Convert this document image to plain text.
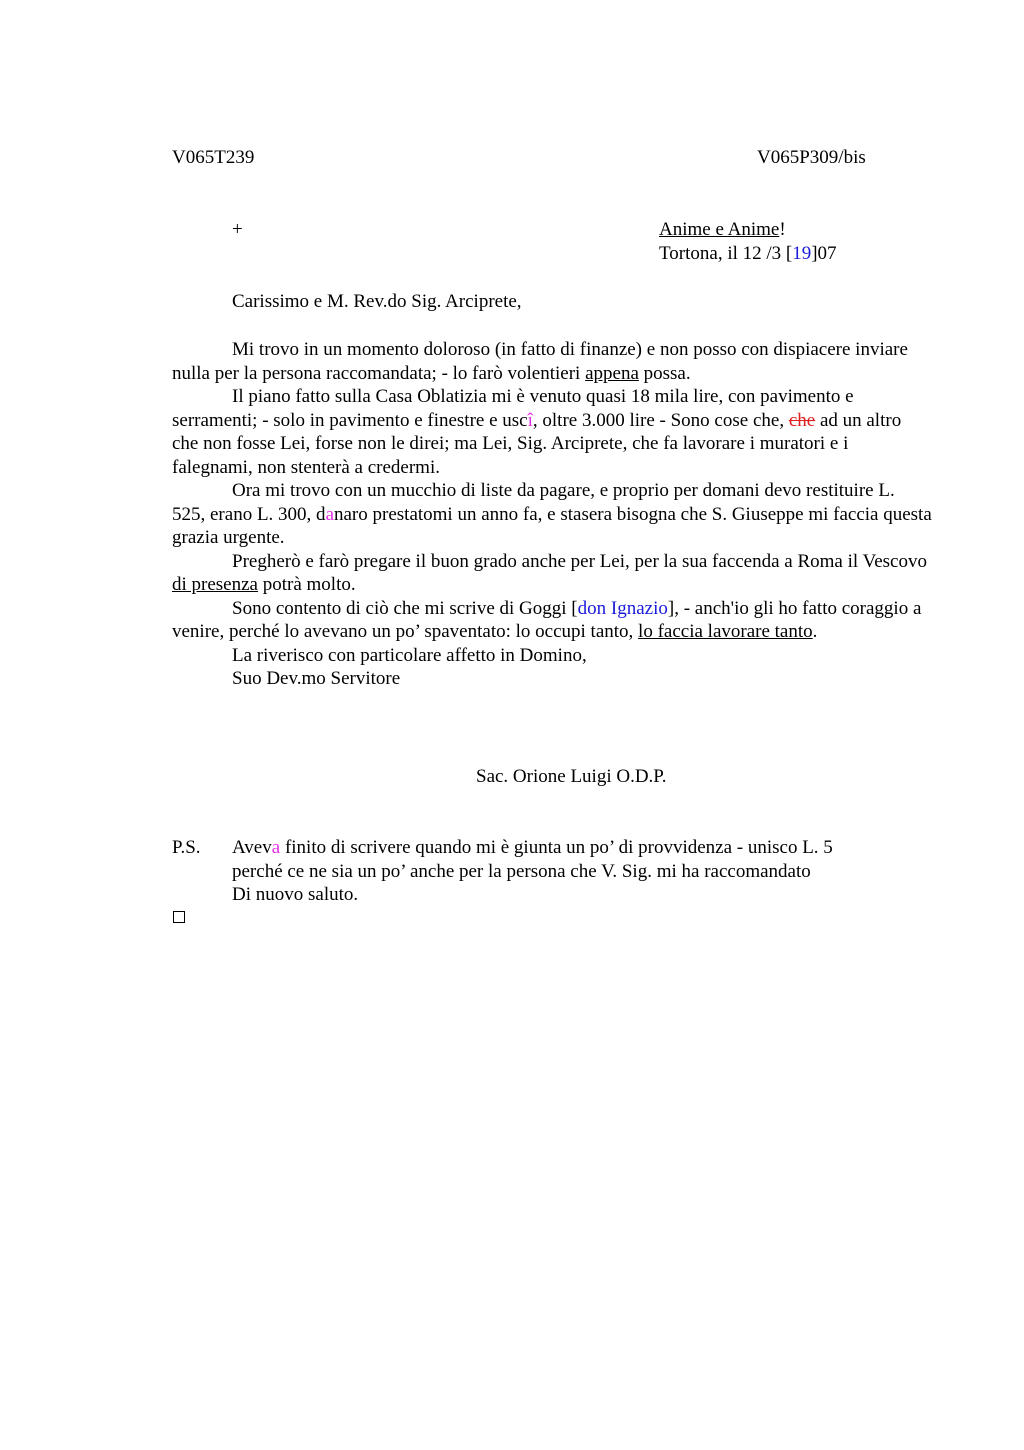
V065T239	V065P309/bis
+	Anime e Anime!
Tortona, il 12 /3 [19]07
Carissimo e M. Rev.do Sig. Arciprete,

Mi trovo in un momento doloroso (in fatto di finanze) e non posso con dispiacere inviare nulla per la persona raccomandata; - lo farò volentieri appena possa.

Il piano fatto sulla Casa Oblatizia mi è venuto quasi 18 mila lire, con pavimento e serramenti; - solo in pavimento e finestre e uscî, oltre 3.000 lire - Sono cose che, che ad un altro che non fosse Lei, forse non le direi; ma Lei, Sig. Arciprete, che fa lavorare i muratori e i falegnami, non stenterà a credermi.

Ora mi trovo con un mucchio di liste da pagare, e proprio per domani devo restituire L. 525, erano L. 300, danaro prestatomi un anno fa, e stasera bisogna che S. Giuseppe mi faccia questa grazia urgente.

Pregherò e farò pregare il buon grado anche per Lei, per la sua faccenda a Roma il Vescovo di presenza potrà molto.

Sono contento di ciò che mi scrive di Goggi [don Ignazio], - anch'io gli ho fatto coraggio a venire, perché lo avevano un po’ spaventato: lo occupi tanto, lo faccia lavorare tanto.

La riverisco con particolare affetto in Domino,

Suo Dev.mo Servitore

Sac. Orione Luigi O.D.P.
P.S. Aveva finito di scrivere quando mi è giunta un po’ di provvidenza - unisco L. 5
perché ce ne sia un po’ anche per la persona che V. Sig. mi ha raccomandato
Di nuovo saluto.
